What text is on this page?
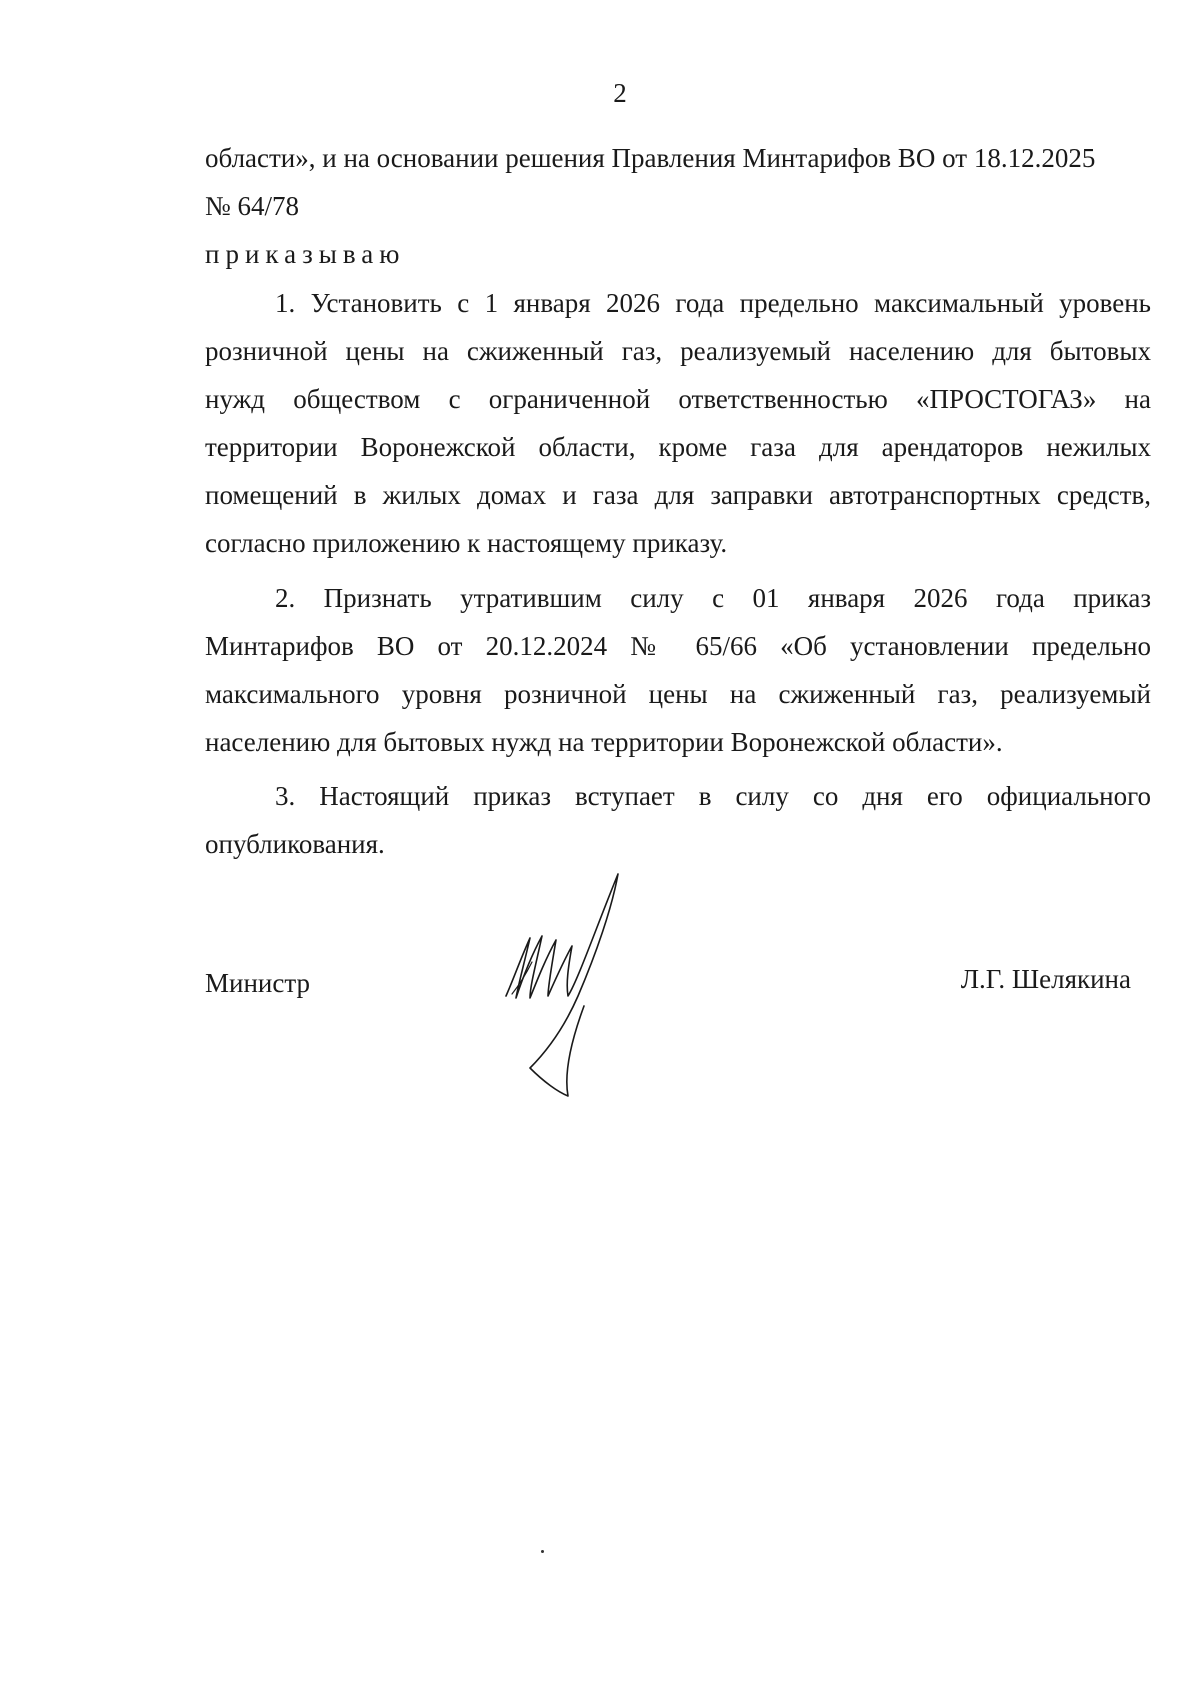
2
области», и на основании решения Правления Минтарифов ВО от 18.12.2025
№ 64/78
приказываю
1. Установить с 1 января 2026 года предельно максимальный уровень
розничной цены на сжиженный газ, реализуемый населению для бытовых
нужд обществом с ограниченной ответственностью «ПРОСТОГАЗ» на
территории Воронежской области, кроме газа для арендаторов нежилых
помещений в жилых домах и газа для заправки автотранспортных средств,
согласно приложению к настоящему приказу.
2. Признать утратившим силу с 01 января 2026 года приказ
Минтарифов ВО от 20.12.2024 № 65/66 «Об установлении предельно
максимального уровня розничной цены на сжиженный газ, реализуемый
населению для бытовых нужд на территории Воронежской области».
3. Настоящий приказ вступает в силу со дня его официального
опубликования.
Министр	Л.Г. Шелякина
